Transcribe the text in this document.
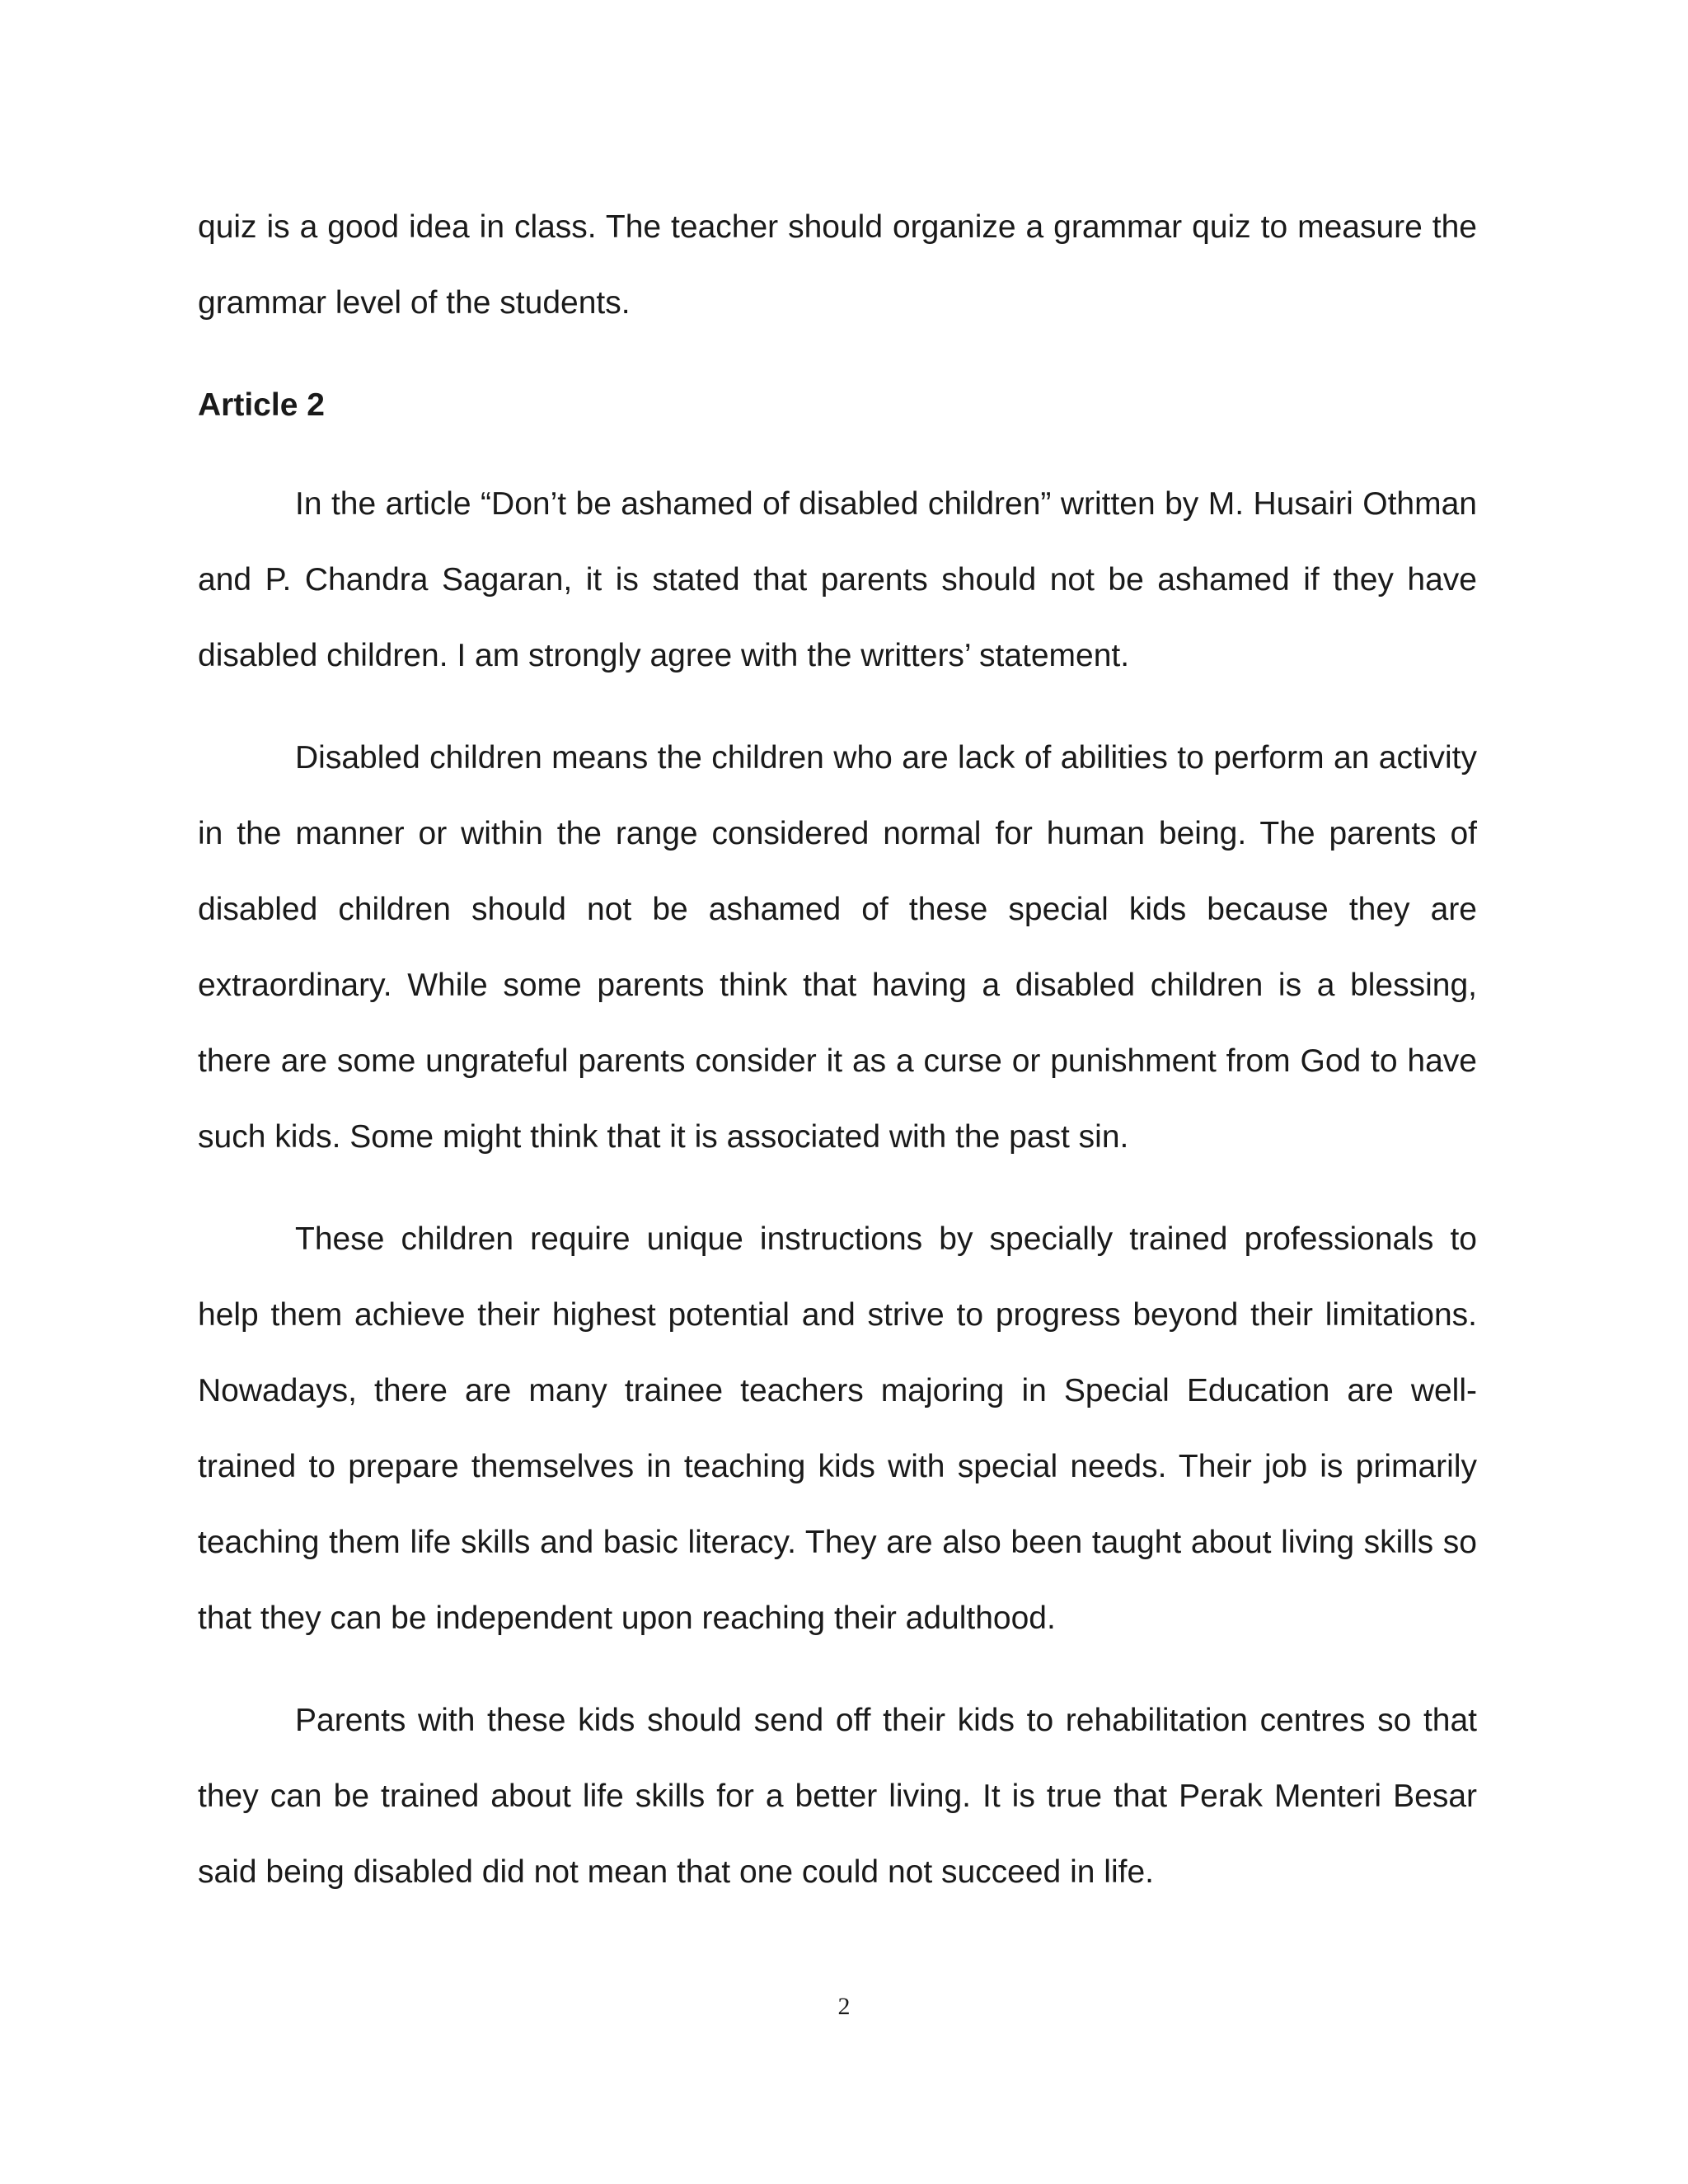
quiz is a good idea in class. The teacher should organize a grammar quiz to measure the grammar level of the students.

Article 2

In the article “Don’t be ashamed of disabled children” written by M. Husairi Othman and P. Chandra Sagaran, it is stated that parents should not be ashamed if they have disabled children. I am strongly agree with the writters’ statement.

Disabled children means the children who are lack of abilities to perform an activity in the manner or within the range considered normal for human being. The parents of disabled children should not be ashamed of these special kids because they are extraordinary. While some parents think that having a disabled children is a blessing, there are some ungrateful parents consider it as a curse or punishment from God to have such kids. Some might think that it is associated with the past sin.

These children require unique instructions by specially trained professionals to help them achieve their highest potential and strive to progress beyond their limitations. Nowadays, there are many trainee teachers majoring in Special Education are well-trained to prepare themselves in teaching kids with special needs. Their job is primarily teaching them life skills and basic literacy. They are also been taught about living skills so that they can be independent upon reaching their adulthood.

Parents with these kids should send off their kids to rehabilitation centres so that they can be trained about life skills for a better living. It is true that Perak Menteri Besar said being disabled did not mean that one could not succeed in life.

2
